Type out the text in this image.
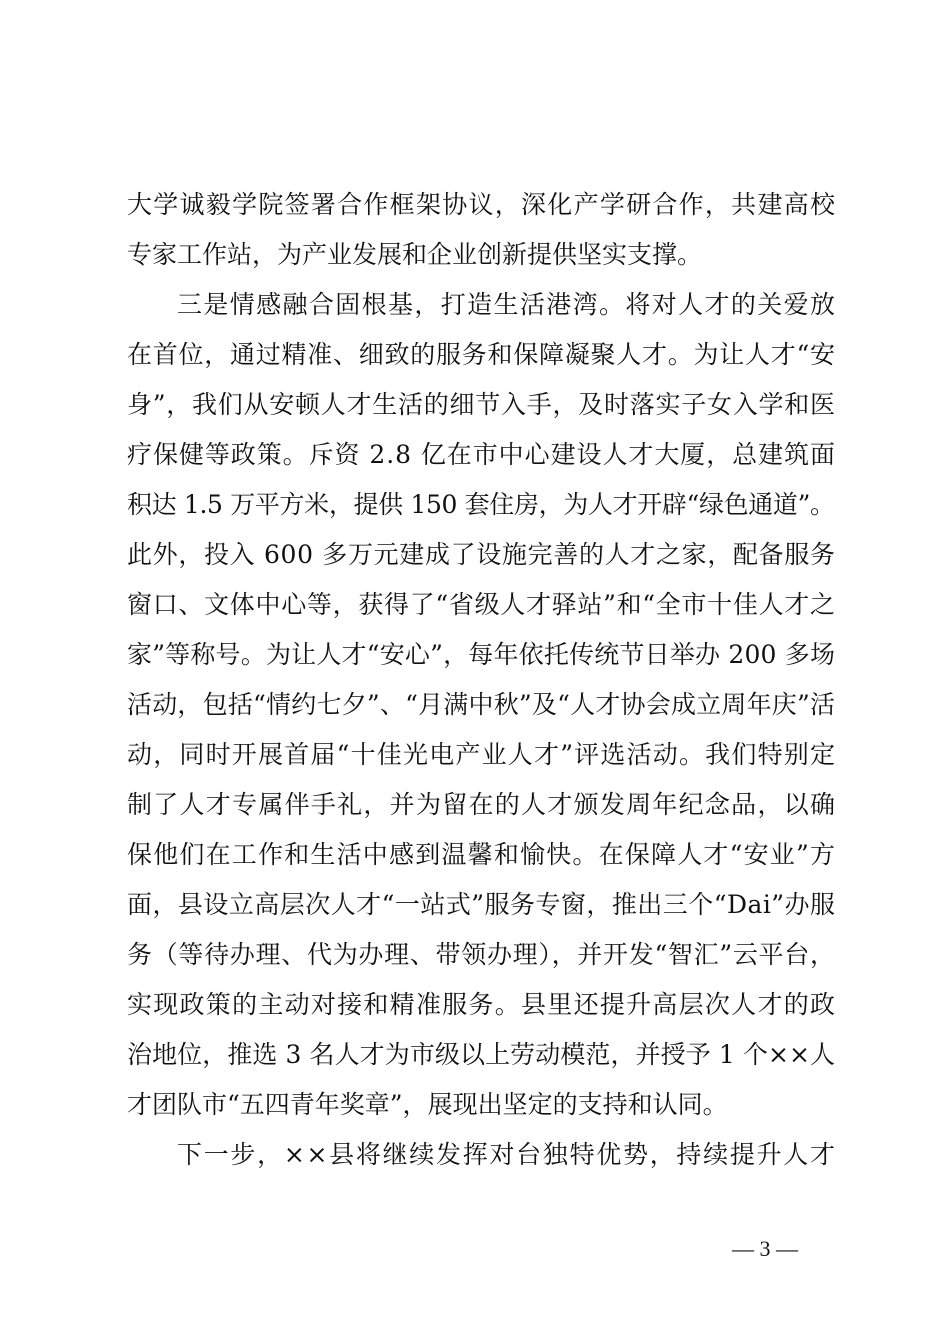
大学诚毅学院签署合作框架协议，深化产学研合作，共建高校
专家工作站，为产业发展和企业创新提供坚实支撑。
三是情感融合固根基，打造生活港湾。将对人才的关爱放
在首位，通过精准、细致的服务和保障凝聚人才。为让人才“安
身”，我们从安顿人才生活的细节入手，及时落实子女入学和医
疗保健等政策。斥资 2.8 亿在市中心建设人才大厦，总建筑面
积达 1.5 万平方米，提供 150 套住房，为人才开辟“绿色通道”。
此外，投入 600 多万元建成了设施完善的人才之家，配备服务
窗口、文体中心等，获得了“省级人才驿站”和“全市十佳人才之
家”等称号。为让人才“安心”，每年依托传统节日举办 200 多场
活动，包括“情约七夕”、“月满中秋”及“人才协会成立周年庆”活
动，同时开展首届“十佳光电产业人才”评选活动。我们特别定
制了人才专属伴手礼，并为留在的人才颁发周年纪念品，以确
保他们在工作和生活中感到温馨和愉快。在保障人才“安业”方
面，县设立高层次人才“一站式”服务专窗，推出三个“Dai”办服
务（等待办理、代为办理、带领办理），并开发“智汇”云平台，
实现政策的主动对接和精准服务。县里还提升高层次人才的政
治地位，推选 3 名人才为市级以上劳动模范，并授予 1 个××人
才团队市“五四青年奖章”，展现出坚定的支持和认同。
下一步，××县将继续发挥对台独特优势，持续提升人才
— 3 —
